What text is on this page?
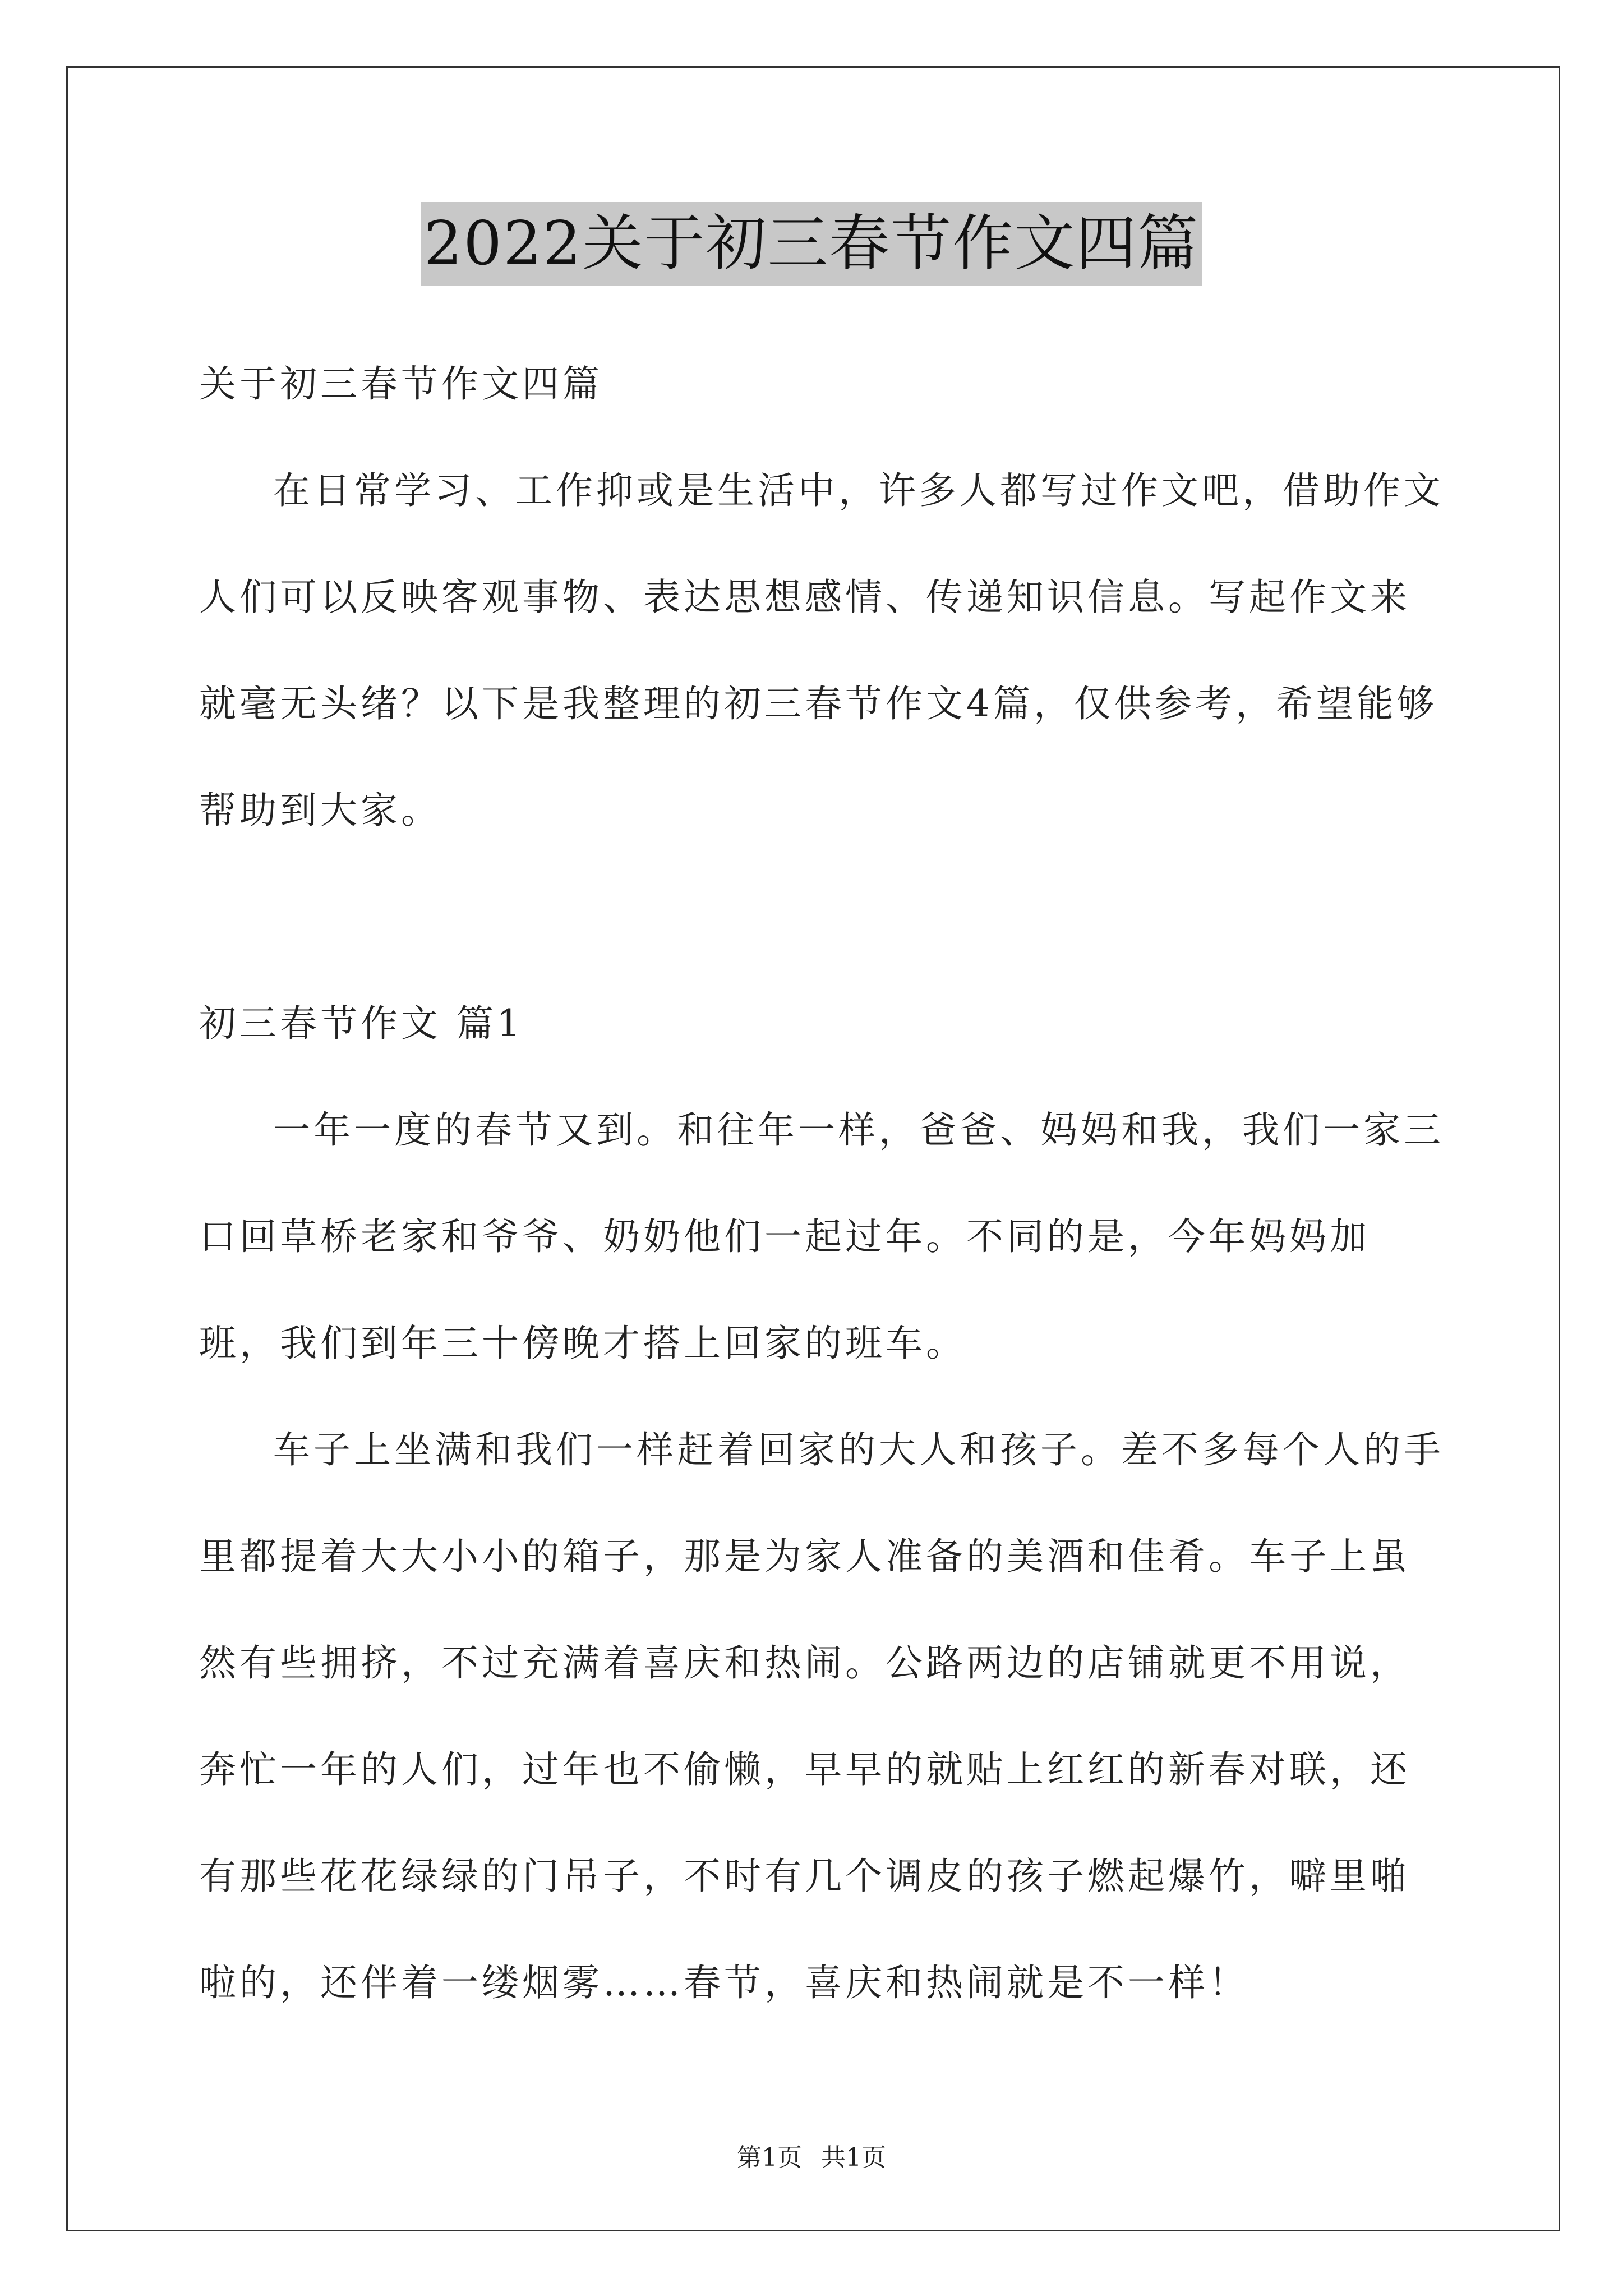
2022关于初三春节作文四篇

关于初三春节作文四篇

在日常学习、工作抑或是生活中，许多人都写过作文吧，借助作文人们可以反映客观事物、表达思想感情、传递知识信息。写起作文来就毫无头绪？以下是我整理的初三春节作文4篇，仅供参考，希望能够帮助到大家。

初三春节作文 篇1

一年一度的春节又到。和往年一样，爸爸、妈妈和我，我们一家三口回草桥老家和爷爷、奶奶他们一起过年。不同的是，今年妈妈加班，我们到年三十傍晚才搭上回家的班车。

车子上坐满和我们一样赶着回家的大人和孩子。差不多每个人的手里都提着大大小小的箱子，那是为家人准备的美酒和佳肴。车子上虽然有些拥挤，不过充满着喜庆和热闹。公路两边的店铺就更不用说，奔忙一年的人们，过年也不偷懒，早早的就贴上红红的新春对联，还有那些花花绿绿的门吊子，不时有几个调皮的孩子燃起爆竹，噼里啪啦的，还伴着一缕烟雾……春节，喜庆和热闹就是不一样！

第1页 共1页
